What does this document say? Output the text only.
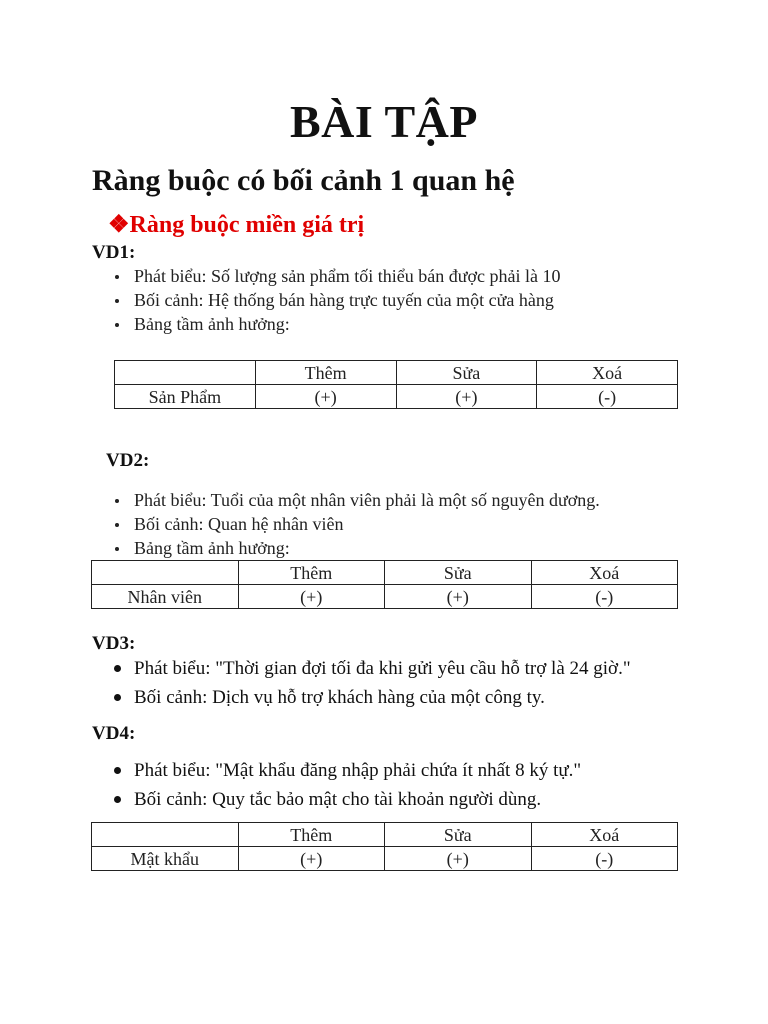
BÀI TẬP
Ràng buộc có bối cảnh 1 quan hệ
❖Ràng buộc miền giá trị
VD1:
Phát biểu: Số lượng sản phẩm tối thiểu bán được phải là 10
Bối cảnh: Hệ thống bán hàng trực tuyến của một cửa hàng
Bảng tầm ảnh hưởng:
	Thêm	Sửa	Xoá
Sản Phẩm	(+)	(+)	(-)
VD2:
Phát biểu: Tuổi của một nhân viên phải là một số nguyên dương.
Bối cảnh: Quan hệ nhân viên
Bảng tầm ảnh hưởng:
	Thêm	Sửa	Xoá
Nhân viên	(+)	(+)	(-)
VD3:
Phát biểu: "Thời gian đợi tối đa khi gửi yêu cầu hỗ trợ là 24 giờ."
Bối cảnh: Dịch vụ hỗ trợ khách hàng của một công ty.
VD4:
Phát biểu: "Mật khẩu đăng nhập phải chứa ít nhất 8 ký tự."
Bối cảnh: Quy tắc bảo mật cho tài khoản người dùng.
	Thêm	Sửa	Xoá
Mật khẩu	(+)	(+)	(-)
